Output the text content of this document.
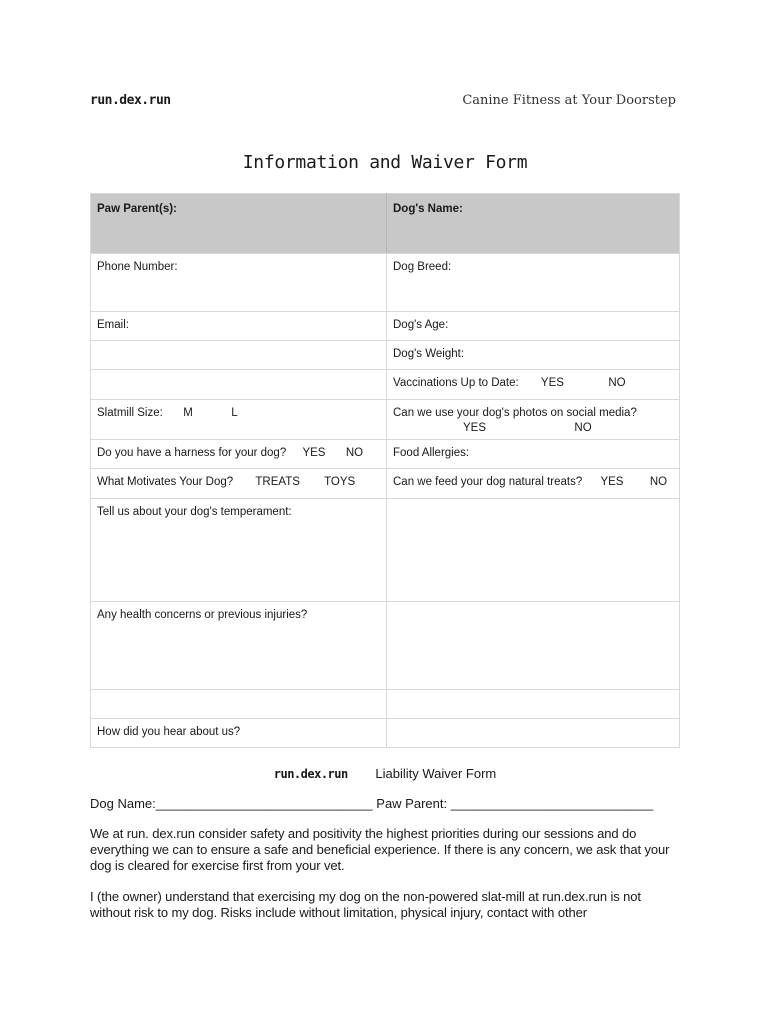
run.dex.run	Canine Fitness at Your Doorstep
Information and Waiver Form
Paw Parent(s):	Dog's Name:
Phone Number:	Dog Breed:
Email:	Dog's Age:
	Dog's Weight:
	Vaccinations Up to Date: YES NO
Slatmill Size: M L	Can we use your dog's photos on social media?
YES NO

Do you have a harness for your dog? YES NO	Food Allergies:
What Motivates Your Dog? TREATS TOYS	Can we feed your dog natural treats? YES NO
Tell us about your dog's temperament:	
Any health concerns or previous injuries?	

How did you hear about us?	
run.dex.run Liability Waiver Form
Dog Name:______________________________ Paw Parent: ____________________________

We at run. dex.run consider safety and positivity the highest priorities during our sessions and do everything we can to ensure a safe and beneficial experience. If there is any concern, we ask that your dog is cleared for exercise first from your vet.

I (the owner) understand that exercising my dog on the non-powered slat-mill at run.dex.run is not without risk to my dog. Risks include without limitation, physical injury, contact with other
